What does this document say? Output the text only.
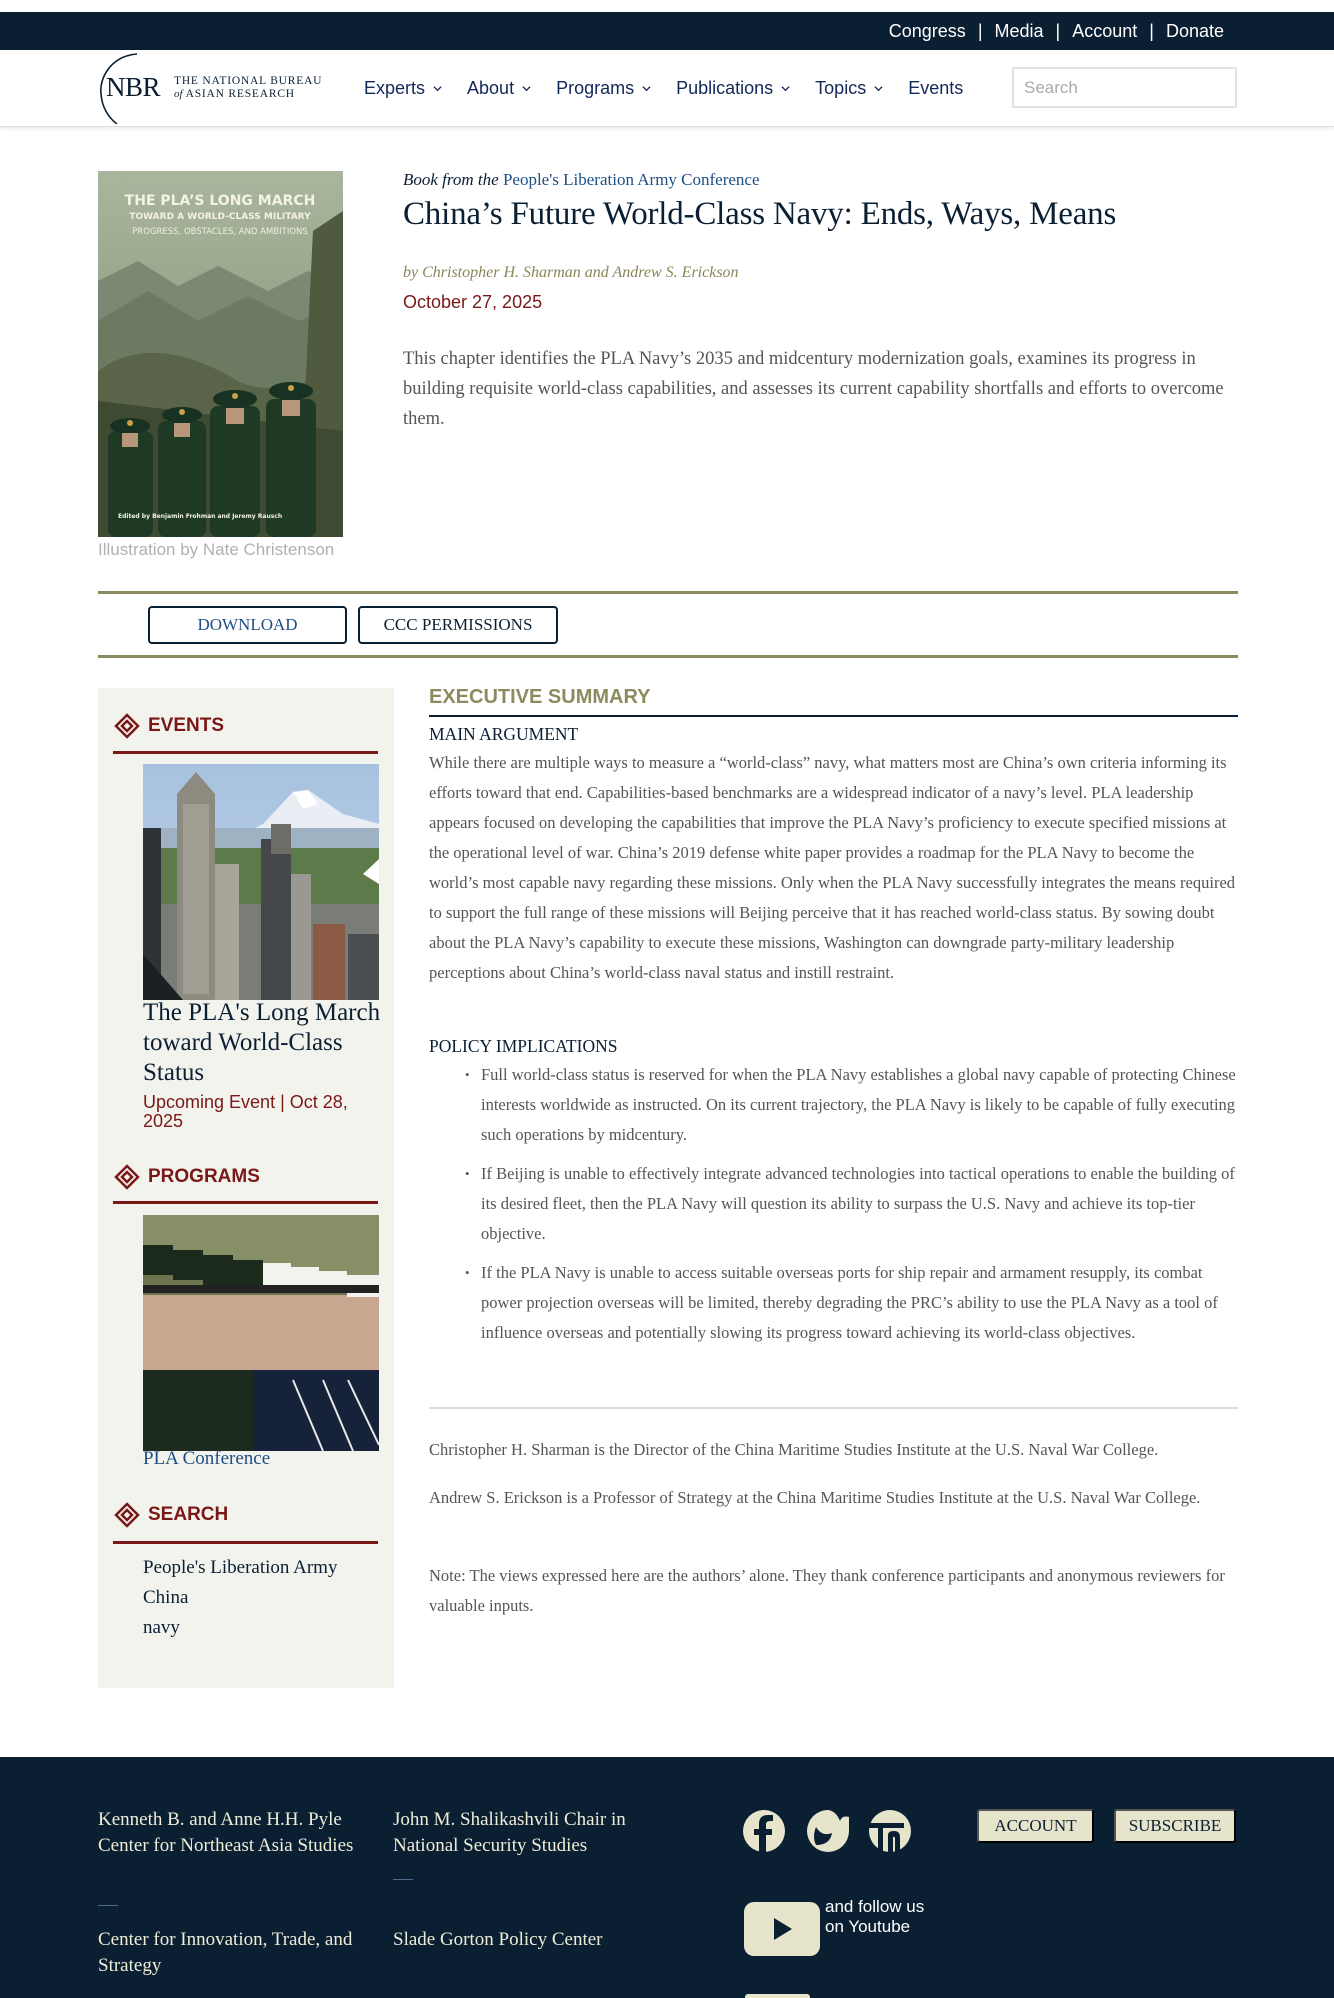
Congress | Media | Account | Donate
NBR THE NATIONAL BUREAU
of ASIAN RESEARCH	Experts About Programs Publications Topics Events
Search
THE PLA’S LONG MARCH
TOWARD A WORLD-CLASS MILITARY
PROGRESS, OBSTACLES, AND AMBITIONS
Edited by Benjamin Frohman and Jeremy Rausch
Illustration by Nate Christenson
Book from the People's Liberation Army Conference
China’s Future World-Class Navy: Ends, Ways, Means
by Christopher H. Sharman and Andrew S. Erickson
October 27, 2025

This chapter identifies the PLA Navy’s 2035 and midcentury modernization goals, examines its progress in building requisite world-class capabilities, and assesses its current capability shortfalls and efforts to overcome them.

DOWNLOAD	CCC PERMISSIONS
EVENTS
The PLA's Long March toward World-Class Status
Upcoming Event | Oct 28, 2025
PROGRAMS
PLA Conference
SEARCH
People's Liberation Army
China
navy
EXECUTIVE SUMMARY
MAIN ARGUMENT

While there are multiple ways to measure a “world-class” navy, what matters most are China’s own criteria informing its efforts toward that end. Capabilities-based benchmarks are a widespread indicator of a navy’s level. PLA leadership appears focused on developing the capabilities that improve the PLA Navy’s proficiency to execute specified missions at the operational level of war. China’s 2019 defense white paper provides a roadmap for the PLA Navy to become the world’s most capable navy regarding these missions. Only when the PLA Navy successfully integrates the means required to support the full range of these missions will Beijing perceive that it has reached world-class status. By sowing doubt about the PLA Navy’s capability to execute these missions, Washington can downgrade party-military leadership perceptions about China’s world-class naval status and instill restraint.

POLICY IMPLICATIONS
• Full world-class status is reserved for when the PLA Navy establishes a global navy capable of protecting Chinese interests worldwide as instructed. On its current trajectory, the PLA Navy is likely to be capable of fully executing such operations by midcentury.
• If Beijing is unable to effectively integrate advanced technologies into tactical operations to enable the building of its desired fleet, then the PLA Navy will question its ability to surpass the U.S. Navy and achieve its top-tier objective.
• If the PLA Navy is unable to access suitable overseas ports for ship repair and armament resupply, its combat power projection overseas will be limited, thereby degrading the PRC’s ability to use the PLA Navy as a tool of influence overseas and potentially slowing its progress toward achieving its world-class objectives.

Christopher H. Sharman is the Director of the China Maritime Studies Institute at the U.S. Naval War College.

Andrew S. Erickson is a Professor of Strategy at the China Maritime Studies Institute at the U.S. Naval War College.

Note: The views expressed here are the authors’ alone. They thank conference participants and anonymous reviewers for valuable inputs.

Kenneth B. and Anne H.H. Pyle Center for Northeast Asia Studies
Center for Innovation, Trade, and Strategy
John M. Shalikashvili Chair in National Security Studies
Slade Gorton Policy Center
ACCOUNT	SUBSCRIBE
and follow us on Youtube
